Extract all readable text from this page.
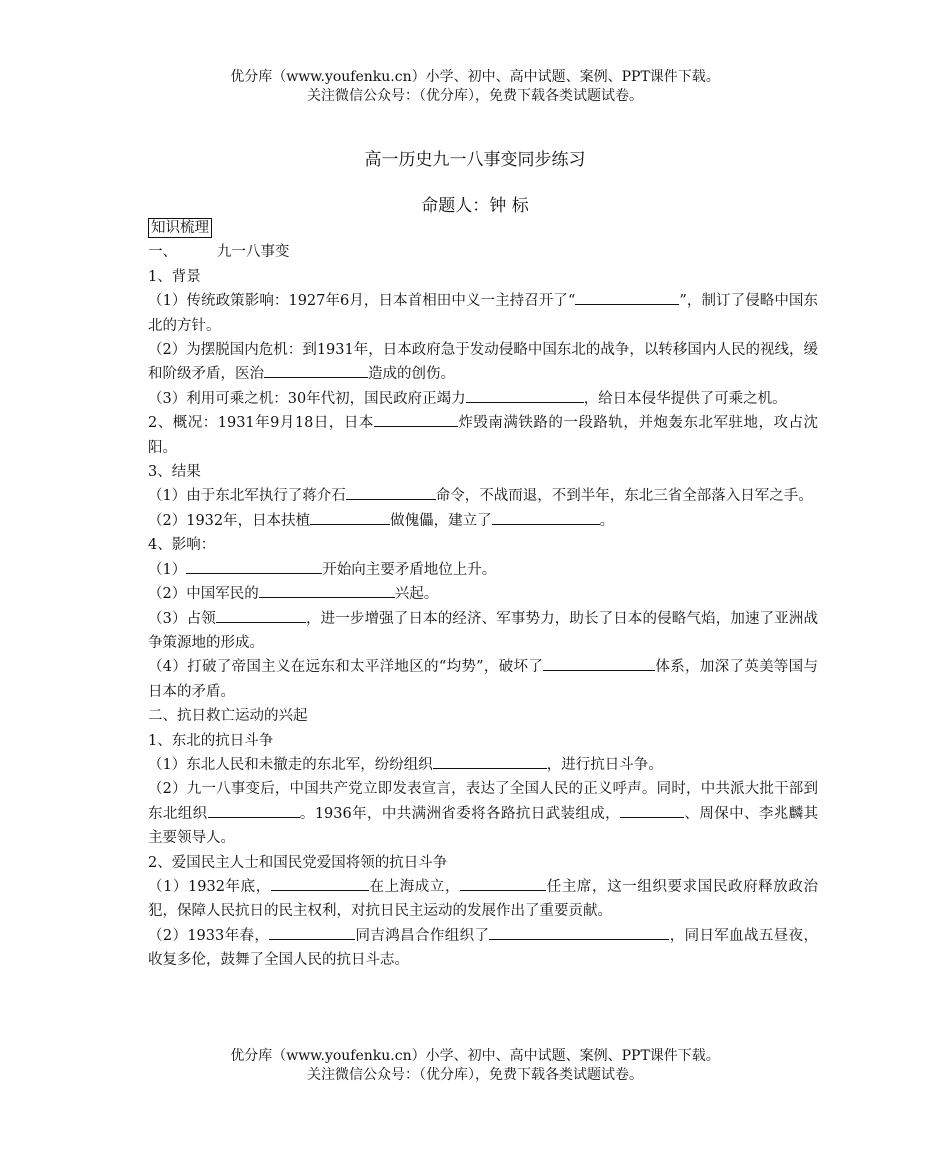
优分库（www.youfenku.cn）小学、初中、高中试题、案例、PPT课件下载。
关注微信公众号：（优分库），免费下载各类试题试卷。
高一历史九一八事变同步练习
命题人：钟 标

知识梳理

一、	九一八事变

1、背景

（1）传统政策影响：1927年6月，日本首相田中义一主持召开了“	”，制订了侵略中国东北的方针。

（2）为摆脱国内危机：到1931年，日本政府急于发动侵略中国东北的战争，以转移国内人民的视线，缓和阶级矛盾，医治	造成的创伤。

（3）利用可乘之机：30年代初，国民政府正竭力	，给日本侵华提供了可乘之机。

2、概况：1931年9月18日，日本	炸毁南满铁路的一段路轨，并炮轰东北军驻地，攻占沈阳。

3、结果

（1）由于东北军执行了蒋介石	命令，不战而退，不到半年，东北三省全部落入日军之手。

（2）1932年，日本扶植	做傀儡，建立了	。

4、影响：

（1）	开始向主要矛盾地位上升。

（2）中国军民的	兴起。

（3）占领	，进一步增强了日本的经济、军事势力，助长了日本的侵略气焰，加速了亚洲战争策源地的形成。

（4）打破了帝国主义在远东和太平洋地区的“均势”，破坏了	体系，加深了英美等国与日本的矛盾。

二、抗日救亡运动的兴起

1、东北的抗日斗争

（1）东北人民和未撤走的东北军，纷纷组织	，进行抗日斗争。

（2）九一八事变后，中国共产党立即发表宣言，表达了全国人民的正义呼声。同时，中共派大批干部到东北组织	。1936年，中共满洲省委将各路抗日武装组成，	、周保中、李兆麟其主要领导人。

2、爱国民主人士和国民党爱国将领的抗日斗争

（1）1932年底，	在上海成立，	任主席，这一组织要求国民政府释放政治犯，保障人民抗日的民主权利，对抗日民主运动的发展作出了重要贡献。

（2）1933年春，	同吉鸿昌合作组织了	，同日军血战五昼夜，收复多伦，鼓舞了全国人民的抗日斗志。

优分库（www.youfenku.cn）小学、初中、高中试题、案例、PPT课件下载。
关注微信公众号：（优分库），免费下载各类试题试卷。
